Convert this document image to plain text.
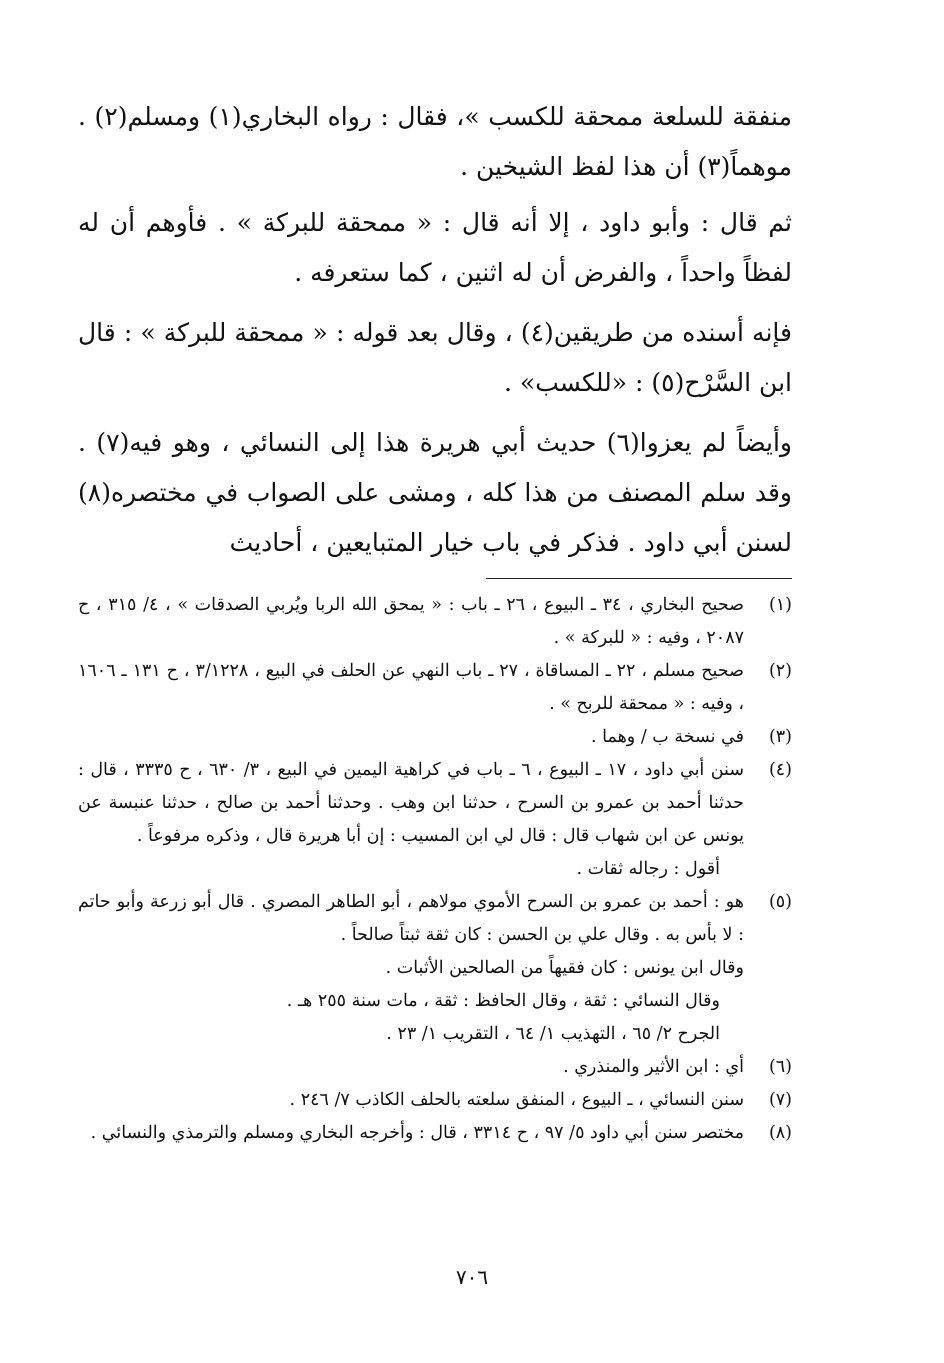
منفقة للسلعة ممحقة للكسب »، فقال : رواه البخاري(١) ومسلم(٢) . موهماً(٣) أن هذا لفظ الشيخين .

ثم قال : وأبو داود ، إلا أنه قال : « ممحقة للبركة » . فأوهم أن له لفظاً واحداً ، والفرض أن له اثنين ، كما ستعرفه .

فإنه أسنده من طريقين(٤) ، وقال بعد قوله : « ممحقة للبركة » : قال ابن السَّرْح(٥) : «للكسب» .

وأيضاً لم يعزوا(٦) حديث أبي هريرة هذا إلى النسائي ، وهو فيه(٧) . وقد سلم المصنف من هذا كله ، ومشى على الصواب في مختصره(٨) لسنن أبي داود . فذكر في باب خيار المتبايعين ، أحاديث

(١)
صحيح البخاري ، ٣٤ ـ البيوع ، ٢٦ ـ باب : « يمحق الله الربا ويُربي الصدقات » ، ٤/ ٣١٥ ، ح ٢٠٨٧ ، وفيه : « للبركة » .
(٢)
صحيح مسلم ، ٢٢ ـ المساقاة ، ٢٧ ـ باب النهي عن الحلف في البيع ، ٣/١٢٢٨ ، ح ١٣١ ـ ١٦٠٦ ، وفيه : « ممحقة للربح » .
(٣)
في نسخة ب / وهما .
(٤)
سنن أبي داود ، ١٧ ـ البيوع ، ٦ ـ باب في كراهية اليمين في البيع ، ٣/ ٦٣٠ ، ح ٣٣٣٥ ، قال : حدثنا أحمد بن عمرو بن السرح ، حدثنا ابن وهب . وحدثنا أحمد بن صالح ، حدثنا عنبسة عن يونس عن ابن شهاب قال : قال لي ابن المسيب : إن أبا هريرة قال ، وذكره مرفوعاً .
أقول : رجاله ثقات .
(٥)
هو : أحمد بن عمرو بن السرح الأموي مولاهم ، أبو الطاهر المصري . قال أبو زرعة وأبو حاتم : لا بأس به . وقال علي بن الحسن : كان ثقة ثبتاً صالحاً .
وقال ابن يونس : كان فقيهاً من الصالحين الأثبات .
وقال النسائي : ثقة ، وقال الحافظ : ثقة ، مات سنة ٢٥٥ هـ .
الجرح ٢/ ٦٥ ، التهذيب ١/ ٦٤ ، التقريب ١/ ٢٣ .
(٦)
أي : ابن الأثير والمنذري .
(٧)
سنن النسائي ، ـ البيوع ، المنفق سلعته بالحلف الكاذب ٧/ ٢٤٦ .
(٨)
مختصر سنن أبي داود ٥/ ٩٧ ، ح ٣٣١٤ ، قال : وأخرجه البخاري ومسلم والترمذي والنسائي .
٧٠٦
